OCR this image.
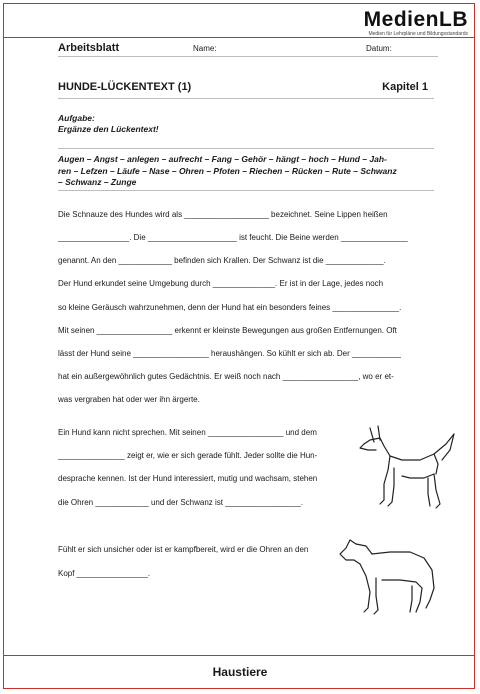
MedienLB
Medien für Lehrpläne und Bildungsstandards
Arbeitsblatt	Name:	Datum:
HUNDE-LÜCKENTEXT (1)	Kapitel 1
Aufgabe:
Ergänze den Lückentext!
Augen – Angst – anlegen – aufrecht – Fang – Gehör – hängt – hoch – Hund – Jah-
ren – Lefzen – Läufe – Nase – Ohren – Pfoten – Riechen – Rücken – Rute – Schwanz
– Schwanz – Zunge
Die Schnauze des Hundes wird als ___________________ bezeichnet. Seine Lippen heißen
________________. Die ____________________ ist feucht. Die Beine werden _______________
genannt. An den ____________ befinden sich Krallen. Der Schwanz ist die _____________.
Der Hund erkundet seine Umgebung durch ______________. Er ist in der Lage, jedes noch
so kleine Geräusch wahrzunehmen, denn der Hund hat ein besonders feines _______________.
Mit seinen _________________ erkennt er kleinste Bewegungen aus großen Entfernungen. Oft
lässt der Hund seine _________________ heraushängen. So kühlt er sich ab. Der ___________
hat ein außergewöhnlich gutes Gedächtnis. Er weiß noch nach _________________, wo er et-
was vergraben hat oder wer ihn ärgerte.
Ein Hund kann nicht sprechen. Mit seinen _________________ und dem
_______________ zeigt er, wie er sich gerade fühlt. Jeder sollte die Hun-
desprache kennen. Ist der Hund interessiert, mutig und wachsam, stehen
die Ohren ____________ und der Schwanz ist _________________.
Fühlt er sich unsicher oder ist er kampfbereit, wird er die Ohren an den
Kopf ________________.
Haustiere
